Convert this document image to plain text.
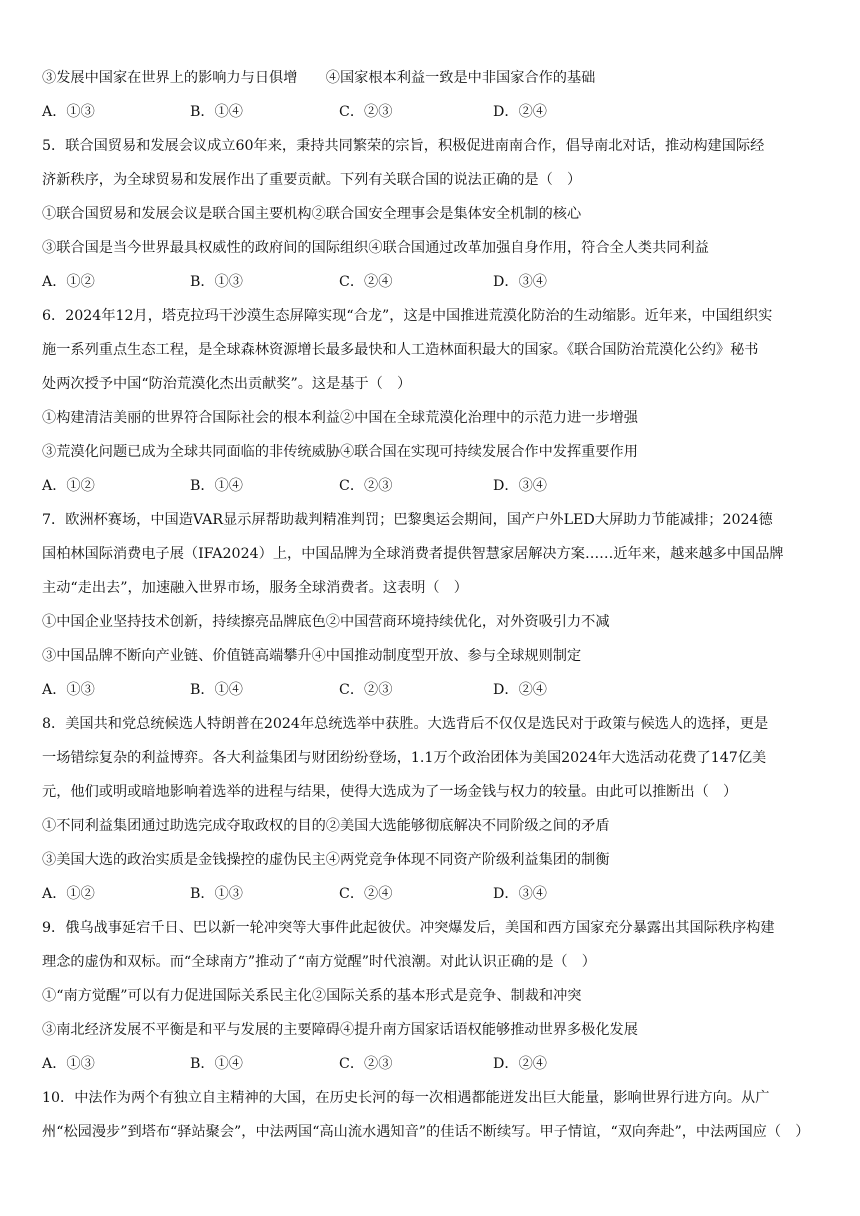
③发展中国家在世界上的影响力与日俱增　　④国家根本利益一致是中非国家合作的基础
A．①③	B．①④	C．②③	D．②④
5．联合国贸易和发展会议成立60年来，秉持共同繁荣的宗旨，积极促进南南合作，倡导南北对话，推动构建国际经
济新秩序，为全球贸易和发展作出了重要贡献。下列有关联合国的说法正确的是（　）
①联合国贸易和发展会议是联合国主要机构②联合国安全理事会是集体安全机制的核心
③联合国是当今世界最具权威性的政府间的国际组织④联合国通过改革加强自身作用，符合全人类共同利益
A．①②	B．①③	C．②④	D．③④
6．2024年12月，塔克拉玛干沙漠生态屏障实现“合龙”，这是中国推进荒漠化防治的生动缩影。近年来，中国组织实
施一系列重点生态工程，是全球森林资源增长最多最快和人工造林面积最大的国家。《联合国防治荒漠化公约》秘书
处两次授予中国“防治荒漠化杰出贡献奖”。这是基于（　）
①构建清洁美丽的世界符合国际社会的根本利益②中国在全球荒漠化治理中的示范力进一步增强
③荒漠化问题已成为全球共同面临的非传统威胁④联合国在实现可持续发展合作中发挥重要作用
A．①②	B．①④	C．②③	D．③④
7．欧洲杯赛场，中国造VAR显示屏帮助裁判精准判罚；巴黎奥运会期间，国产户外LED大屏助力节能减排；2024德
国柏林国际消费电子展（IFA2024）上，中国品牌为全球消费者提供智慧家居解决方案……近年来，越来越多中国品牌
主动“走出去”，加速融入世界市场，服务全球消费者。这表明（　）
①中国企业坚持技术创新，持续擦亮品牌底色②中国营商环境持续优化，对外资吸引力不减
③中国品牌不断向产业链、价值链高端攀升④中国推动制度型开放、参与全球规则制定
A．①③	B．①④	C．②③	D．②④
8．美国共和党总统候选人特朗普在2024年总统选举中获胜。大选背后不仅仅是选民对于政策与候选人的选择，更是
一场错综复杂的利益博弈。各大利益集团与财团纷纷登场，1.1万个政治团体为美国2024年大选活动花费了147亿美
元，他们或明或暗地影响着选举的进程与结果，使得大选成为了一场金钱与权力的较量。由此可以推断出（　）
①不同利益集团通过助选完成夺取政权的目的②美国大选能够彻底解决不同阶级之间的矛盾
③美国大选的政治实质是金钱操控的虚伪民主④两党竞争体现不同资产阶级利益集团的制衡
A．①②	B．①③	C．②④	D．③④
9．俄乌战事延宕千日、巴以新一轮冲突等大事件此起彼伏。冲突爆发后，美国和西方国家充分暴露出其国际秩序构建
理念的虚伪和双标。而“全球南方”推动了“南方觉醒”时代浪潮。对此认识正确的是（　）
①“南方觉醒”可以有力促进国际关系民主化②国际关系的基本形式是竞争、制裁和冲突
③南北经济发展不平衡是和平与发展的主要障碍④提升南方国家话语权能够推动世界多极化发展
A．①③	B．①④	C．②③	D．②④
10．中法作为两个有独立自主精神的大国，在历史长河的每一次相遇都能迸发出巨大能量，影响世界行进方向。从广
州“松园漫步”到塔布“驿站聚会”，中法两国“高山流水遇知音”的佳话不断续写。甲子情谊，“双向奔赴”，中法两国应（　）
